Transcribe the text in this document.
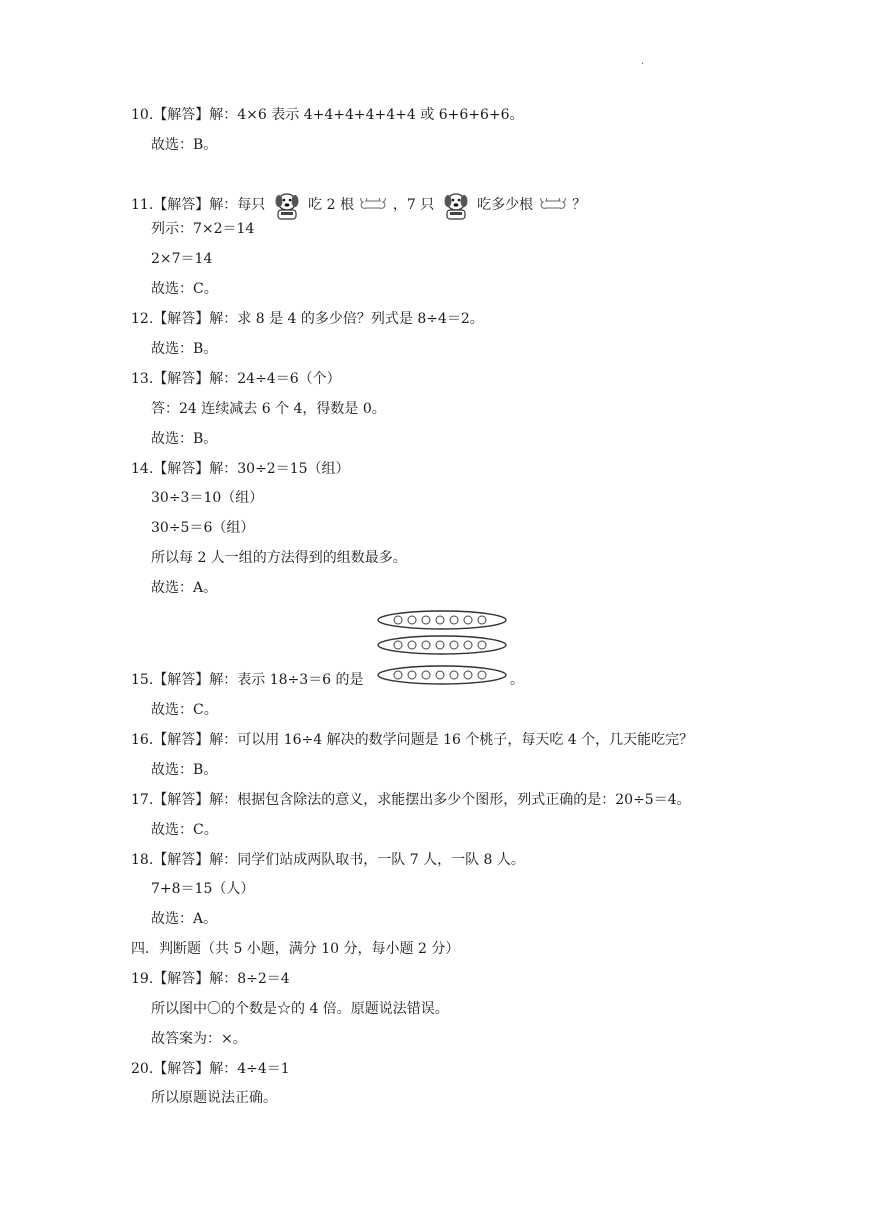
.
10.【解答】解：4×6 表示 4+4+4+4+4+4 或 6+6+6+6。
故选：B。
11.【解答】解：每只	吃 2 根	，7 只	吃多少根	？
列示：7×2＝14
2×7＝14
故选：C。
12.【解答】解：求 8 是 4 的多少倍？列式是 8÷4＝2。
故选：B。
13.【解答】解：24÷4＝6（个）
答：24 连续减去 6 个 4，得数是 0。
故选：B。
14.【解答】解：30÷2＝15（组）
30÷3＝10（组）
30÷5＝6（组）
所以每 2 人一组的方法得到的组数最多。
故选：A。
15.【解答】解：表示 18÷3＝6 的是	。
故选：C。
16.【解答】解：可以用 16÷4 解决的数学问题是 16 个桃子，每天吃 4 个，几天能吃完？
故选：B。
17.【解答】解：根据包含除法的意义，求能摆出多少个图形，列式正确的是：20÷5＝4。
故选：C。
18.【解答】解：同学们站成两队取书，一队 7 人，一队 8 人。
7+8＝15（人）
故选：A。
四．判断题（共 5 小题，满分 10 分，每小题 2 分）
19.【解答】解：8÷2＝4
所以图中〇的个数是☆的 4 倍。原题说法错误。
故答案为：×。
20.【解答】解：4÷4＝1
所以原题说法正确。
